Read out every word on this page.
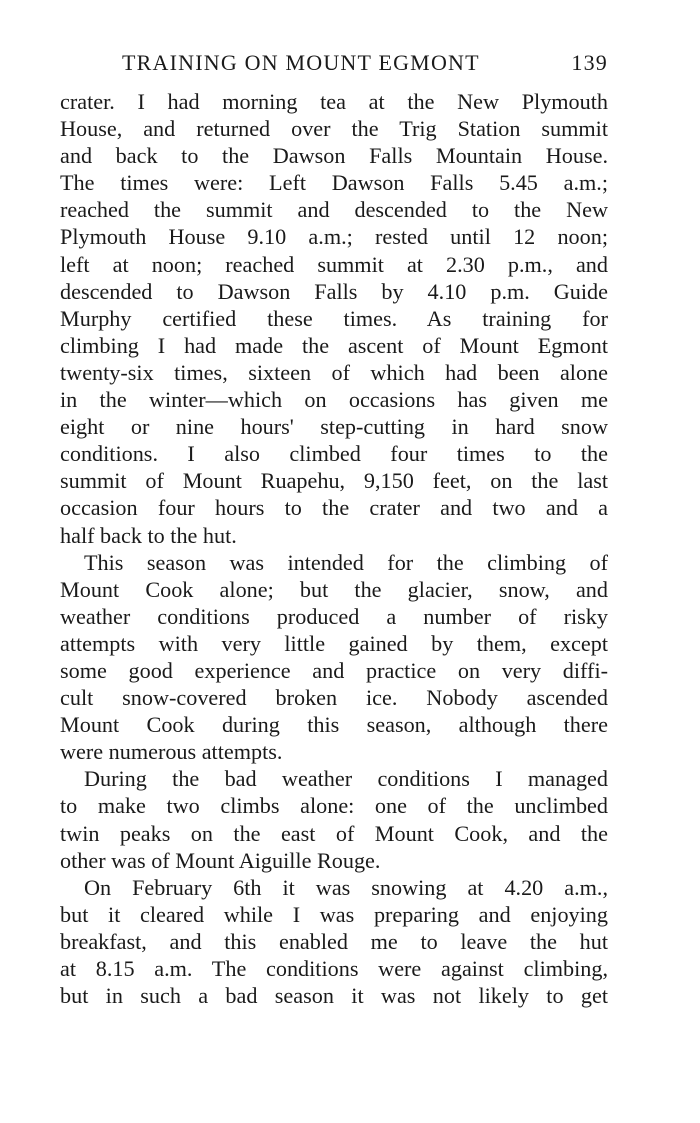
TRAINING ON MOUNT EGMONT	139
crater. I had morning tea at the New Plymouth
House, and returned over the Trig Station summit
and back to the Dawson Falls Mountain House.
The times were: Left Dawson Falls 5.45 a.m.;
reached the summit and descended to the New
Plymouth House 9.10 a.m.; rested until 12 noon;
left at noon; reached summit at 2.30 p.m., and
descended to Dawson Falls by 4.10 p.m. Guide
Murphy certified these times. As training for
climbing I had made the ascent of Mount Egmont
twenty-six times, sixteen of which had been alone
in the winter—which on occasions has given me
eight or nine hours' step-cutting in hard snow
conditions. I also climbed four times to the
summit of Mount Ruapehu, 9,150 feet, on the last
occasion four hours to the crater and two and a
half back to the hut.
This season was intended for the climbing of
Mount Cook alone; but the glacier, snow, and
weather conditions produced a number of risky
attempts with very little gained by them, except
some good experience and practice on very diffi-
cult snow-covered broken ice. Nobody ascended
Mount Cook during this season, although there
were numerous attempts.
During the bad weather conditions I managed
to make two climbs alone: one of the unclimbed
twin peaks on the east of Mount Cook, and the
other was of Mount Aiguille Rouge.
On February 6th it was snowing at 4.20 a.m.,
but it cleared while I was preparing and enjoying
breakfast, and this enabled me to leave the hut
at 8.15 a.m. The conditions were against climbing,
but in such a bad season it was not likely to get
